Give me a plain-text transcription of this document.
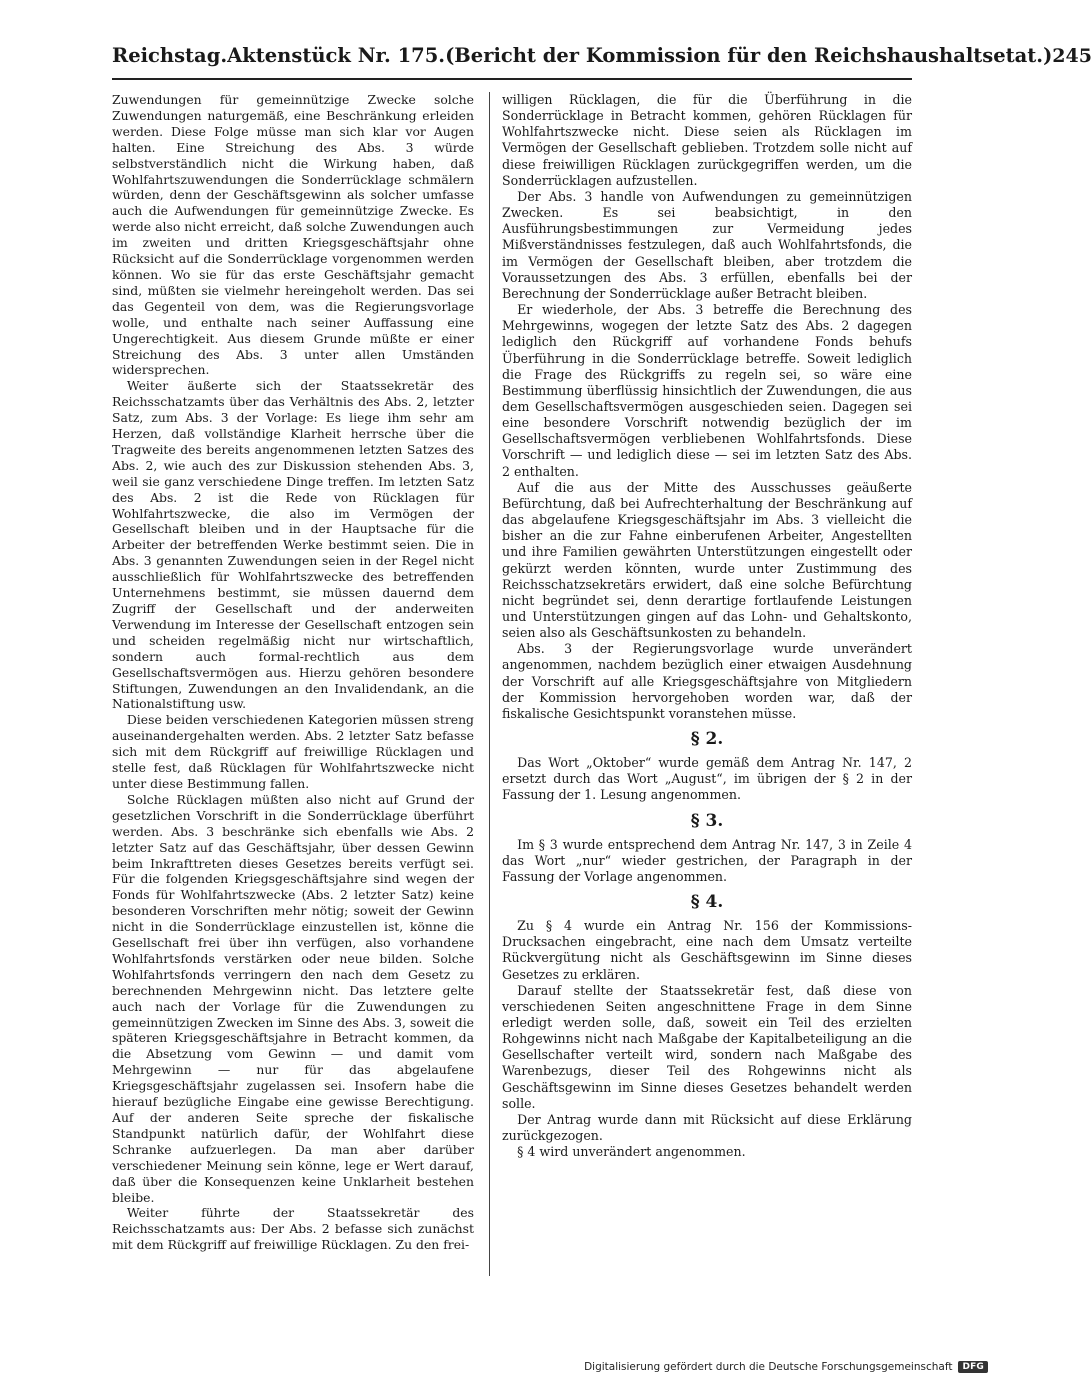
Reichstag. Aktenstück Nr. 175. (Bericht der Kommission für den Reichshaushaltsetat.) 245

Zuwendungen für gemeinnützige Zwecke solche Zuwendungen naturgemäß, eine Beschränkung erleiden werden. Diese Folge müsse man sich klar vor Augen halten. Eine Streichung des Abs. 3 würde selbstverständlich nicht die Wirkung haben, daß Wohlfahrtszuwendungen die Sonderrücklage schmälern würden, denn der Geschäftsgewinn als solcher umfasse auch die Aufwendungen für gemeinnützige Zwecke. Es werde also nicht erreicht, daß solche Zuwendungen auch im zweiten und dritten Kriegsgeschäftsjahr ohne Rücksicht auf die Sonderrücklage vorgenommen werden können. Wo sie für das erste Geschäftsjahr gemacht sind, müßten sie vielmehr hereingeholt werden. Das sei das Gegenteil von dem, was die Regierungsvorlage wolle, und enthalte nach seiner Auffassung eine Ungerechtigkeit. Aus diesem Grunde müßte er einer Streichung des Abs. 3 unter allen Umständen widersprechen.

Weiter äußerte sich der Staatssekretär des Reichsschatzamts über das Verhältnis des Abs. 2, letzter Satz, zum Abs. 3 der Vorlage: Es liege ihm sehr am Herzen, daß vollständige Klarheit herrsche über die Tragweite des bereits angenommenen letzten Satzes des Abs. 2, wie auch des zur Diskussion stehenden Abs. 3, weil sie ganz verschiedene Dinge treffen. Im letzten Satz des Abs. 2 ist die Rede von Rücklagen für Wohlfahrtszwecke, die also im Vermögen der Gesellschaft bleiben und in der Hauptsache für die Arbeiter der betreffenden Werke bestimmt seien. Die in Abs. 3 genannten Zuwendungen seien in der Regel nicht ausschließlich für Wohlfahrtszwecke des betreffenden Unternehmens bestimmt, sie müssen dauernd dem Zugriff der Gesellschaft und der anderweiten Verwendung im Interesse der Gesellschaft entzogen sein und scheiden regelmäßig nicht nur wirtschaftlich, sondern auch formal-rechtlich aus dem Gesellschaftsvermögen aus. Hierzu gehören besondere Stiftungen, Zuwendungen an den Invalidendank, an die Nationalstiftung usw.

Diese beiden verschiedenen Kategorien müssen streng auseinandergehalten werden. Abs. 2 letzter Satz befasse sich mit dem Rückgriff auf freiwillige Rücklagen und stelle fest, daß Rücklagen für Wohlfahrtszwecke nicht unter diese Bestimmung fallen.

Solche Rücklagen müßten also nicht auf Grund der gesetzlichen Vorschrift in die Sonderrücklage überführt werden. Abs. 3 beschränke sich ebenfalls wie Abs. 2 letzter Satz auf das Geschäftsjahr, über dessen Gewinn beim Inkrafttreten dieses Gesetzes bereits verfügt sei. Für die folgenden Kriegsgeschäftsjahre sind wegen der Fonds für Wohlfahrtszwecke (Abs. 2 letzter Satz) keine besonderen Vorschriften mehr nötig; soweit der Gewinn nicht in die Sonderrücklage einzustellen ist, könne die Gesellschaft frei über ihn verfügen, also vorhandene Wohlfahrtsfonds verstärken oder neue bilden. Solche Wohlfahrtsfonds verringern den nach dem Gesetz zu berechnenden Mehrgewinn nicht. Das letztere gelte auch nach der Vorlage für die Zuwendungen zu gemeinnützigen Zwecken im Sinne des Abs. 3, soweit die späteren Kriegsgeschäftsjahre in Betracht kommen, da die Absetzung vom Gewinn — und damit vom Mehrgewinn — nur für das abgelaufene Kriegsgeschäftsjahr zugelassen sei. Insofern habe die hierauf bezügliche Eingabe eine gewisse Berechtigung. Auf der anderen Seite spreche der fiskalische Standpunkt natürlich dafür, der Wohlfahrt diese Schranke aufzuerlegen. Da man aber darüber verschiedener Meinung sein könne, lege er Wert darauf, daß über die Konsequenzen keine Unklarheit bestehen bleibe.

Weiter führte der Staatssekretär des Reichsschatzamts aus: Der Abs. 2 befasse sich zunächst mit dem Rückgriff auf freiwillige Rücklagen. Zu den frei-

willigen Rücklagen, die für die Überführung in die Sonderrücklage in Betracht kommen, gehören Rücklagen für Wohlfahrtszwecke nicht. Diese seien als Rücklagen im Vermögen der Gesellschaft geblieben. Trotzdem solle nicht auf diese freiwilligen Rücklagen zurückgegriffen werden, um die Sonderrücklagen aufzustellen.

Der Abs. 3 handle von Aufwendungen zu gemeinnützigen Zwecken. Es sei beabsichtigt, in den Ausführungsbestimmungen zur Vermeidung jedes Mißverständnisses festzulegen, daß auch Wohlfahrtsfonds, die im Vermögen der Gesellschaft bleiben, aber trotzdem die Voraussetzungen des Abs. 3 erfüllen, ebenfalls bei der Berechnung der Sonderrücklage außer Betracht bleiben.

Er wiederhole, der Abs. 3 betreffe die Berechnung des Mehrgewinns, wogegen der letzte Satz des Abs. 2 dagegen lediglich den Rückgriff auf vorhandene Fonds behufs Überführung in die Sonderrücklage betreffe. Soweit lediglich die Frage des Rückgriffs zu regeln sei, so wäre eine Bestimmung überflüssig hinsichtlich der Zuwendungen, die aus dem Gesellschaftsvermögen ausgeschieden seien. Dagegen sei eine besondere Vorschrift notwendig bezüglich der im Gesellschaftsvermögen verbliebenen Wohlfahrtsfonds. Diese Vorschrift — und lediglich diese — sei im letzten Satz des Abs. 2 enthalten.

Auf die aus der Mitte des Ausschusses geäußerte Befürchtung, daß bei Aufrechterhaltung der Beschränkung auf das abgelaufene Kriegsgeschäftsjahr im Abs. 3 vielleicht die bisher an die zur Fahne einberufenen Arbeiter, Angestellten und ihre Familien gewährten Unterstützungen eingestellt oder gekürzt werden könnten, wurde unter Zustimmung des Reichsschatzsekretärs erwidert, daß eine solche Befürchtung nicht begründet sei, denn derartige fortlaufende Leistungen und Unterstützungen gingen auf das Lohn- und Gehaltskonto, seien also als Geschäftsunkosten zu behandeln.

Abs. 3 der Regierungsvorlage wurde unverändert angenommen, nachdem bezüglich einer etwaigen Ausdehnung der Vorschrift auf alle Kriegsgeschäftsjahre von Mitgliedern der Kommission hervorgehoben worden war, daß der fiskalische Gesichtspunkt voranstehen müsse.

§ 2.

Das Wort „Oktober“ wurde gemäß dem Antrag Nr. 147, 2 ersetzt durch das Wort „August“, im übrigen der § 2 in der Fassung der 1. Lesung angenommen.

§ 3.

Im § 3 wurde entsprechend dem Antrag Nr. 147, 3 in Zeile 4 das Wort „nur“ wieder gestrichen, der Paragraph in der Fassung der Vorlage angenommen.

§ 4.

Zu § 4 wurde ein Antrag Nr. 156 der Kommissions-Drucksachen eingebracht, eine nach dem Umsatz verteilte Rückvergütung nicht als Geschäftsgewinn im Sinne dieses Gesetzes zu erklären.

Darauf stellte der Staatssekretär fest, daß diese von verschiedenen Seiten angeschnittene Frage in dem Sinne erledigt werden solle, daß, soweit ein Teil des erzielten Rohgewinns nicht nach Maßgabe der Kapitalbeteiligung an die Gesellschafter verteilt wird, sondern nach Maßgabe des Warenbezugs, dieser Teil des Rohgewinns nicht als Geschäftsgewinn im Sinne dieses Gesetzes behandelt werden solle.

Der Antrag wurde dann mit Rücksicht auf diese Erklärung zurückgezogen.

§ 4 wird unverändert angenommen.

Digitalisierung gefördert durch die Deutsche Forschungsgemeinschaft	DFG
